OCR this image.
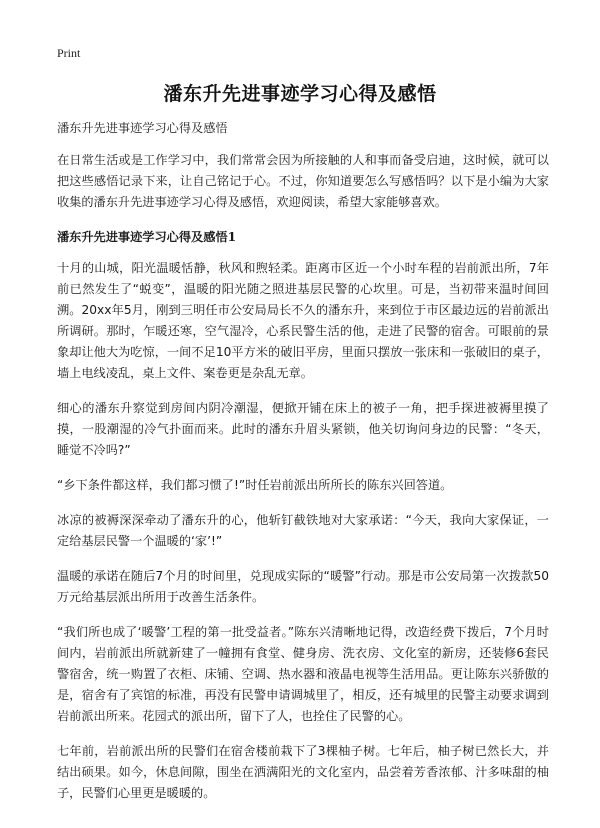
Print
潘东升先进事迹学习心得及感悟

潘东升先进事迹学习心得及感悟

在日常生活或是工作学习中，我们常常会因为所接触的人和事而备受启迪，这时候，就可以把这些感悟记录下来，让自己铭记于心。不过，你知道要怎么写感悟吗？以下是小编为大家收集的潘东升先进事迹学习心得及感悟，欢迎阅读，希望大家能够喜欢。

潘东升先进事迹学习心得及感悟1

十月的山城，阳光温暖恬静，秋风和煦轻柔。距离市区近一个小时车程的岩前派出所，7年前已然发生了“蜕变”，温暖的阳光随之照进基层民警的心坎里。可是，当初带来温时间回溯。20xx年5月，刚到三明任市公安局局长不久的潘东升，来到位于市区最边远的岩前派出所调研。那时，乍暖还寒，空气湿冷，心系民警生活的他，走进了民警的宿舍。可眼前的景象却让他大为吃惊，一间不足10平方米的破旧平房，里面只摆放一张床和一张破旧的桌子，墙上电线凌乱，桌上文件、案卷更是杂乱无章。

细心的潘东升察觉到房间内阴冷潮湿，便掀开铺在床上的被子一角，把手探进被褥里摸了摸，一股潮湿的冷气扑面而来。此时的潘东升眉头紧锁，他关切询问身边的民警：“冬天，睡觉不冷吗?”

“乡下条件都这样，我们都习惯了!”时任岩前派出所所长的陈东兴回答道。

冰凉的被褥深深牵动了潘东升的心，他斩钉截铁地对大家承诺：“今天，我向大家保证，一定给基层民警一个温暖的‘家’!”

温暖的承诺在随后7个月的时间里，兑现成实际的“暖警”行动。那是市公安局第一次拨款50万元给基层派出所用于改善生活条件。

“我们所也成了‘暖警’工程的第一批受益者。”陈东兴清晰地记得，改造经费下拨后，7个月时间内，岩前派出所就新建了一幢拥有食堂、健身房、洗衣房、文化室的新房，还装修6套民警宿舍，统一购置了衣柜、床铺、空调、热水器和液晶电视等生活用品。更让陈东兴骄傲的是，宿舍有了宾馆的标准，再没有民警申请调城里了，相反，还有城里的民警主动要求调到岩前派出所来。花园式的派出所，留下了人，也拴住了民警的心。

七年前，岩前派出所的民警们在宿舍楼前栽下了3棵柚子树。七年后，柚子树已然长大，并结出硕果。如今，休息间隙，围坐在洒满阳光的文化室内，品尝着芳香浓郁、汁多味甜的柚子，民警们心里更是暖暖的。
